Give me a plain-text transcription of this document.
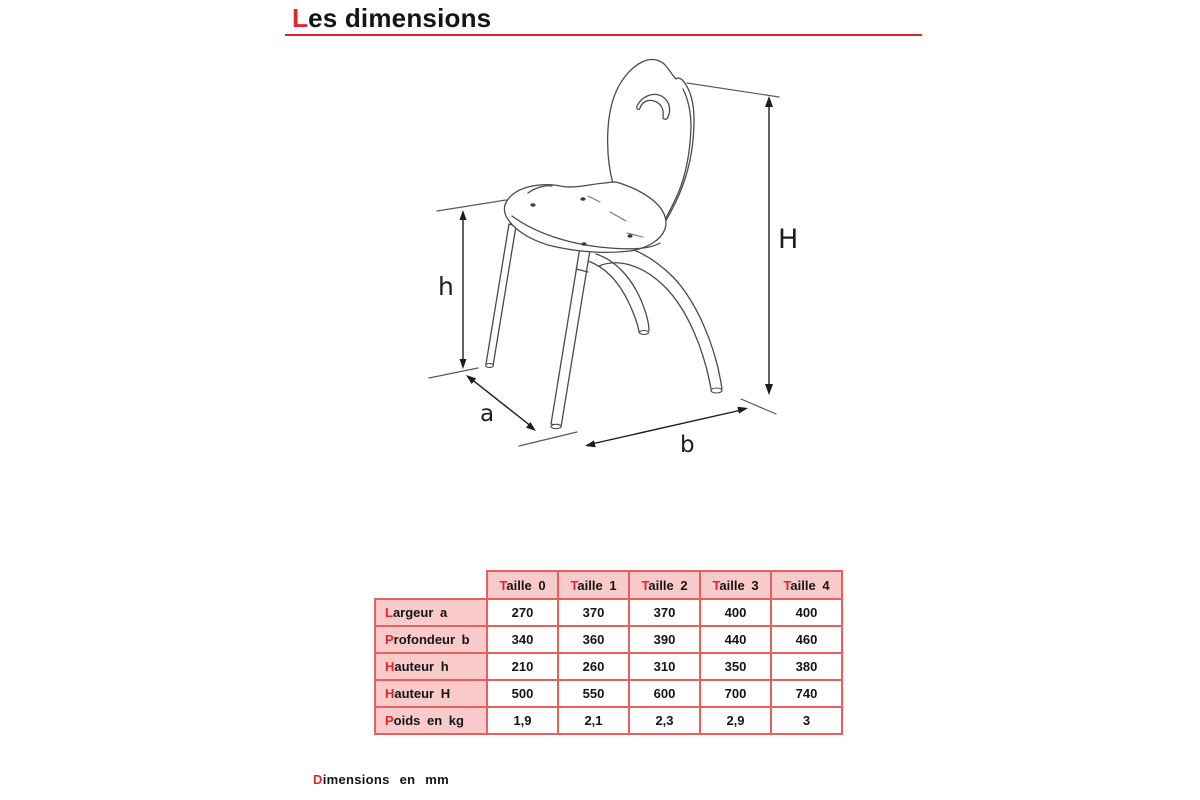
Les dimensions
H
h
a
b
	Taille 0	Taille 1	Taille 2	Taille 3	Taille 4
Largeur a	270	370	370	400	400
Profondeur b	340	360	390	440	460
Hauteur h	210	260	310	350	380
Hauteur H	500	550	600	700	740
Poids en kg	1,9	2,1	2,3	2,9	3
Dimensions en mm
